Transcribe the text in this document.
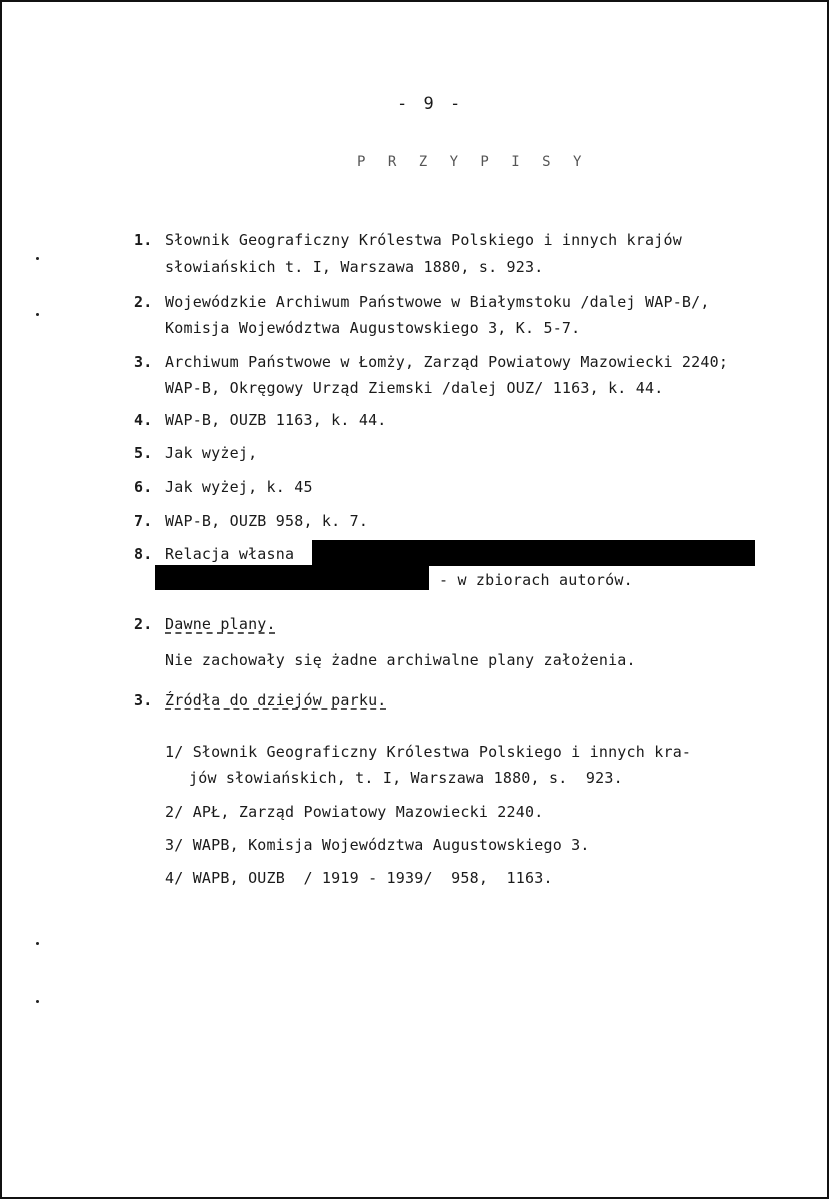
- 9 -
P R Z Y P I S Y
1. Słownik Geograficzny Królestwa Polskiego i innych krajów
słowiańskich t. I, Warszawa 1880, s. 923.
2. Wojewódzkie Archiwum Państwowe w Białymstoku /dalej WAP-B/,
Komisja Województwa Augustowskiego 3, K. 5-7.
3. Archiwum Państwowe w Łomży, Zarząd Powiatowy Mazowiecki 2240;
WAP-B, Okręgowy Urząd Ziemski /dalej OUZ/ 1163, k. 44.
4. WAP-B, OUZB 1163, k. 44.
5. Jak wyżej,
6. Jak wyżej, k. 45
7. WAP-B, OUZB 958, k. 7.
8. Relacja własna
- w zbiorach autorów.
2. Dawne plany.
Nie zachowały się żadne archiwalne plany założenia.
3. Źródła do dziejów parku.
1/ Słownik Geograficzny Królestwa Polskiego i innych kra-
jów słowiańskich, t. I, Warszawa 1880, s.  923.
2/ APŁ, Zarząd Powiatowy Mazowiecki 2240.
3/ WAPB, Komisja Województwa Augustowskiego 3.
4/ WAPB, OUZB  / 1919 - 1939/  958,  1163.
